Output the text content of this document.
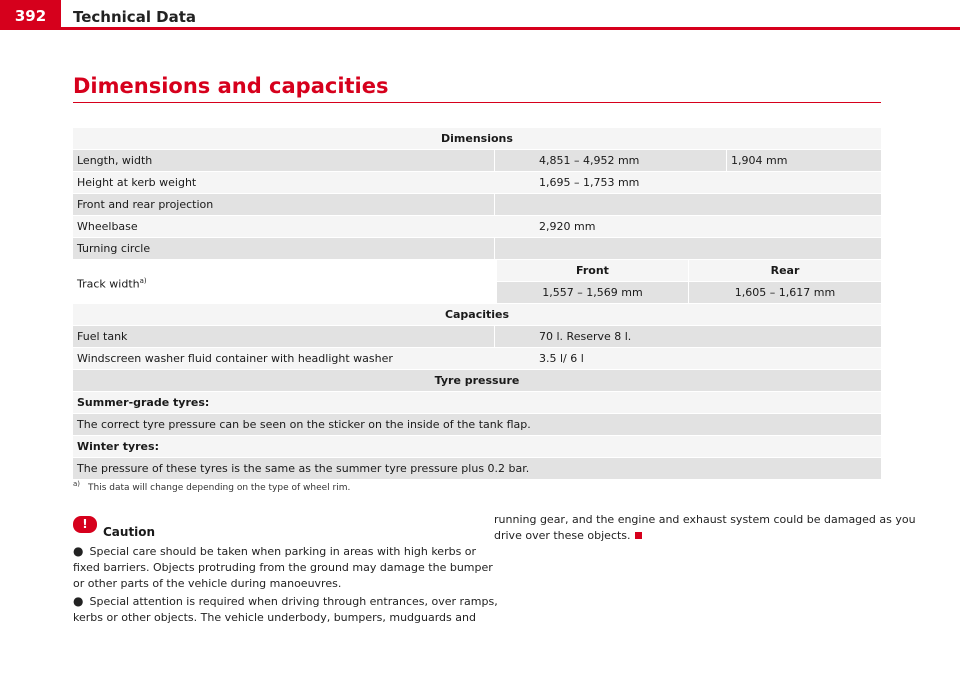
392	Technical Data
Dimensions and capacities
Dimensions
Length, width	4,851 – 4,952 mm	1,904 mm
Height at kerb weight	1,695 – 1,753 mm
Front and rear projection
Wheelbase	2,920 mm
Turning circle
Track width$^{a)}$
Front	Rear
1,557 – 1,569 mm	1,605 – 1,617 mm
Capacities
Fuel tank	70 l. Reserve 8 l.
Windscreen washer fluid container with headlight washer	3.5 l/ 6 l
Tyre pressure
Summer-grade tyres:
The correct tyre pressure can be seen on the sticker on the inside of the tank flap.
Winter tyres:
The pressure of these tyres is the same as the summer tyre pressure plus 0.2 bar.
$^{a)}$ This data will change depending on the type of wheel rim.
!
Caution
● Special care should be taken when parking in areas with high kerbs or
fixed barriers. Objects protruding from the ground may damage the bumper
or other parts of the vehicle during manoeuvres.
● Special attention is required when driving through entrances, over ramps,
kerbs or other objects. The vehicle underbody, bumpers, mudguards and
running gear, and the engine and exhaust system could be damaged as you
drive over these objects.
